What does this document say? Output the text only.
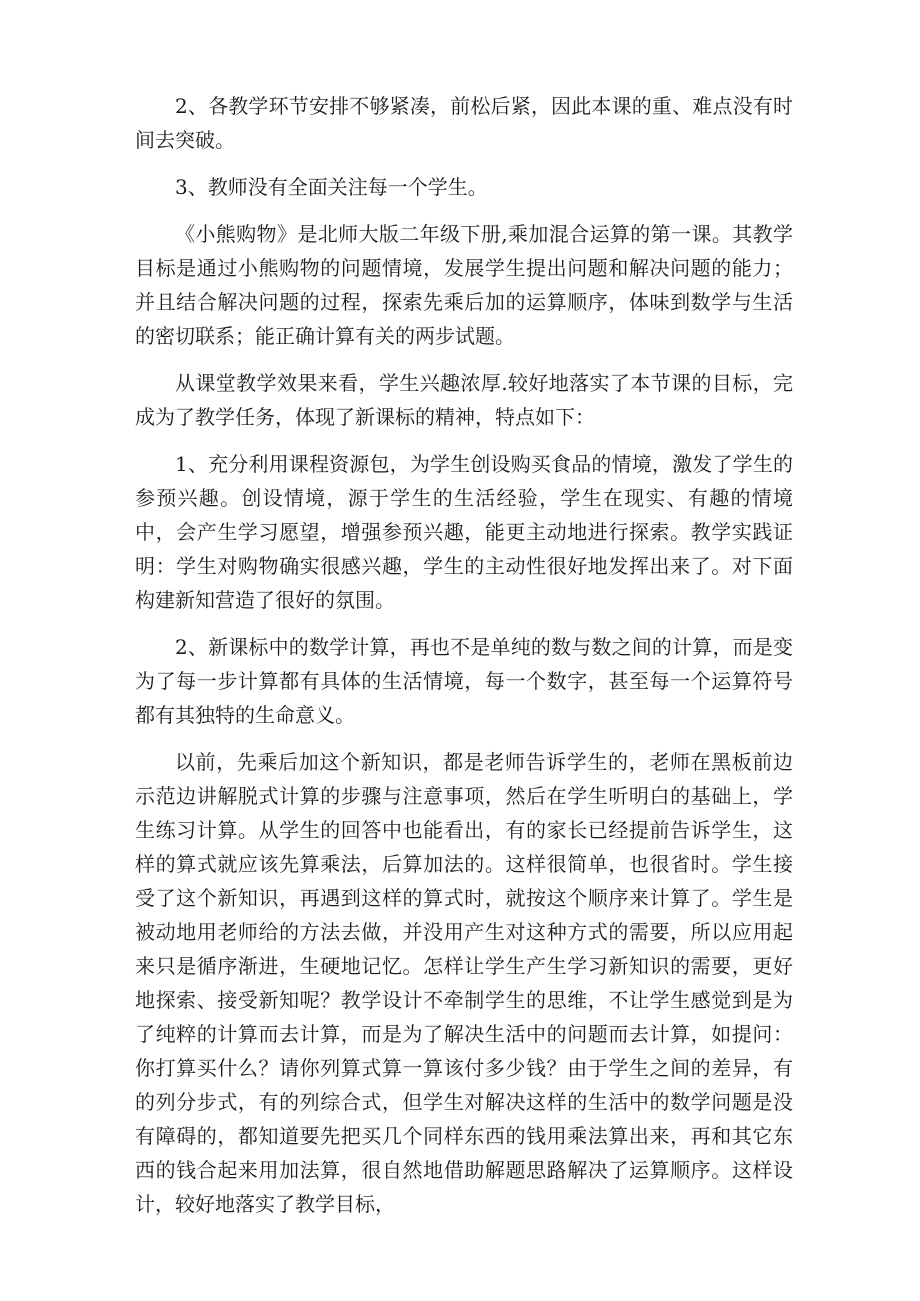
2、各教学环节安排不够紧凑，前松后紧，因此本课的重、难点没有时间去突破。

3、教师没有全面关注每一个学生。

《小熊购物》是北师大版二年级下册,乘加混合运算的第一课。其教学目标是通过小熊购物的问题情境，发展学生提出问题和解决问题的能力；并且结合解决问题的过程，探索先乘后加的运算顺序，体味到数学与生活的密切联系；能正确计算有关的两步试题。

从课堂教学效果来看，学生兴趣浓厚.较好地落实了本节课的目标，完成为了教学任务，体现了新课标的精神，特点如下：

1、充分利用课程资源包，为学生创设购买食品的情境，激发了学生的参预兴趣。创设情境，源于学生的生活经验，学生在现实、有趣的情境中，会产生学习愿望，增强参预兴趣，能更主动地进行探索。教学实践证明：学生对购物确实很感兴趣，学生的主动性很好地发挥出来了。对下面构建新知营造了很好的氛围。

2、新课标中的数学计算，再也不是单纯的数与数之间的计算，而是变为了每一步计算都有具体的生活情境，每一个数字，甚至每一个运算符号都有其独特的生命意义。

以前，先乘后加这个新知识，都是老师告诉学生的，老师在黑板前边示范边讲解脱式计算的步骤与注意事项，然后在学生听明白的基础上，学生练习计算。从学生的回答中也能看出，有的家长已经提前告诉学生，这样的算式就应该先算乘法，后算加法的。这样很简单，也很省时。学生接受了这个新知识，再遇到这样的算式时，就按这个顺序来计算了。学生是被动地用老师给的方法去做，并没用产生对这种方式的需要，所以应用起来只是循序渐进，生硬地记忆。怎样让学生产生学习新知识的需要，更好地探索、接受新知呢？教学设计不牵制学生的思维，不让学生感觉到是为了纯粹的计算而去计算，而是为了解决生活中的问题而去计算，如提问：你打算买什么？请你列算式算一算该付多少钱？由于学生之间的差异，有的列分步式，有的列综合式，但学生对解决这样的生活中的数学问题是没有障碍的，都知道要先把买几个同样东西的钱用乘法算出来，再和其它东西的钱合起来用加法算，很自然地借助解题思路解决了运算顺序。这样设计，较好地落实了教学目标，
